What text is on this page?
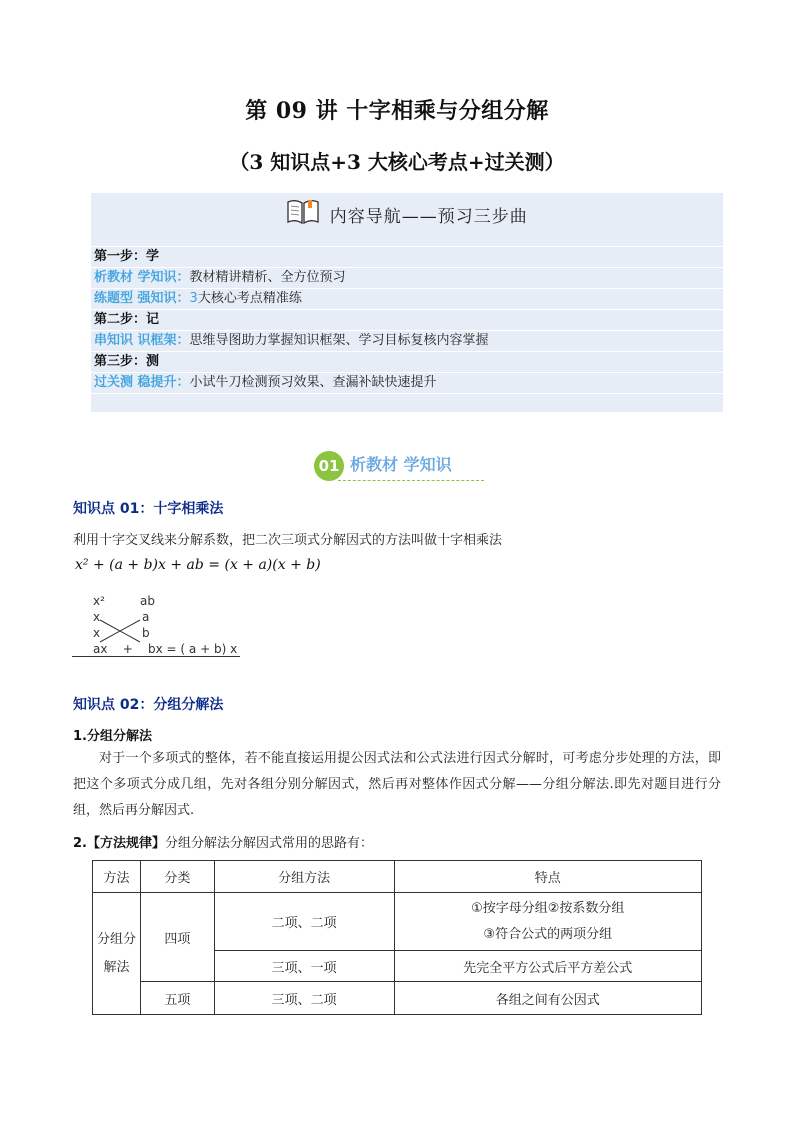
第 09 讲 十字相乘与分组分解
（3 知识点+3 大核心考点+过关测）
内容导航——预习三步曲
第一步：学
析教材 学知识：教材精讲精析、全方位预习
练题型 强知识：3大核心考点精准练
第二步：记
串知识 识框架：思维导图助力掌握知识框架、学习目标复核内容掌握
第三步：测
过关测 稳提升：小试牛刀检测预习效果、查漏补缺快速提升
01 析教材 学知识
知识点 01：十字相乘法
利用十字交叉线来分解系数，把二次三项式分解因式的方法叫做十字相乘法
x² + (a + b)x + ab = (x + a)(x + b)
x²	ab
x	a
x	b
ax    +    bx = ( a + b) x
知识点 02：分组分解法
1.分组分解法
对于一个多项式的整体，若不能直接运用提公因式法和公式法进行因式分解时，可考虑分步处理的方法，即把这个多项式分成几组，先对各组分别分解因式，然后再对整体作因式分解——分组分解法.即先对题目进行分组，然后再分解因式.
2.【方法规律】分组分解法分解因式常用的思路有：
方法	分类	分组方法	特点
分组分解法	四项	二项、二项	①按字母分组②按系数分组
③符合公式的两项分组

		三项、一项	先完全平方公式后平方差公式
	五项	三项、二项	各组之间有公因式
